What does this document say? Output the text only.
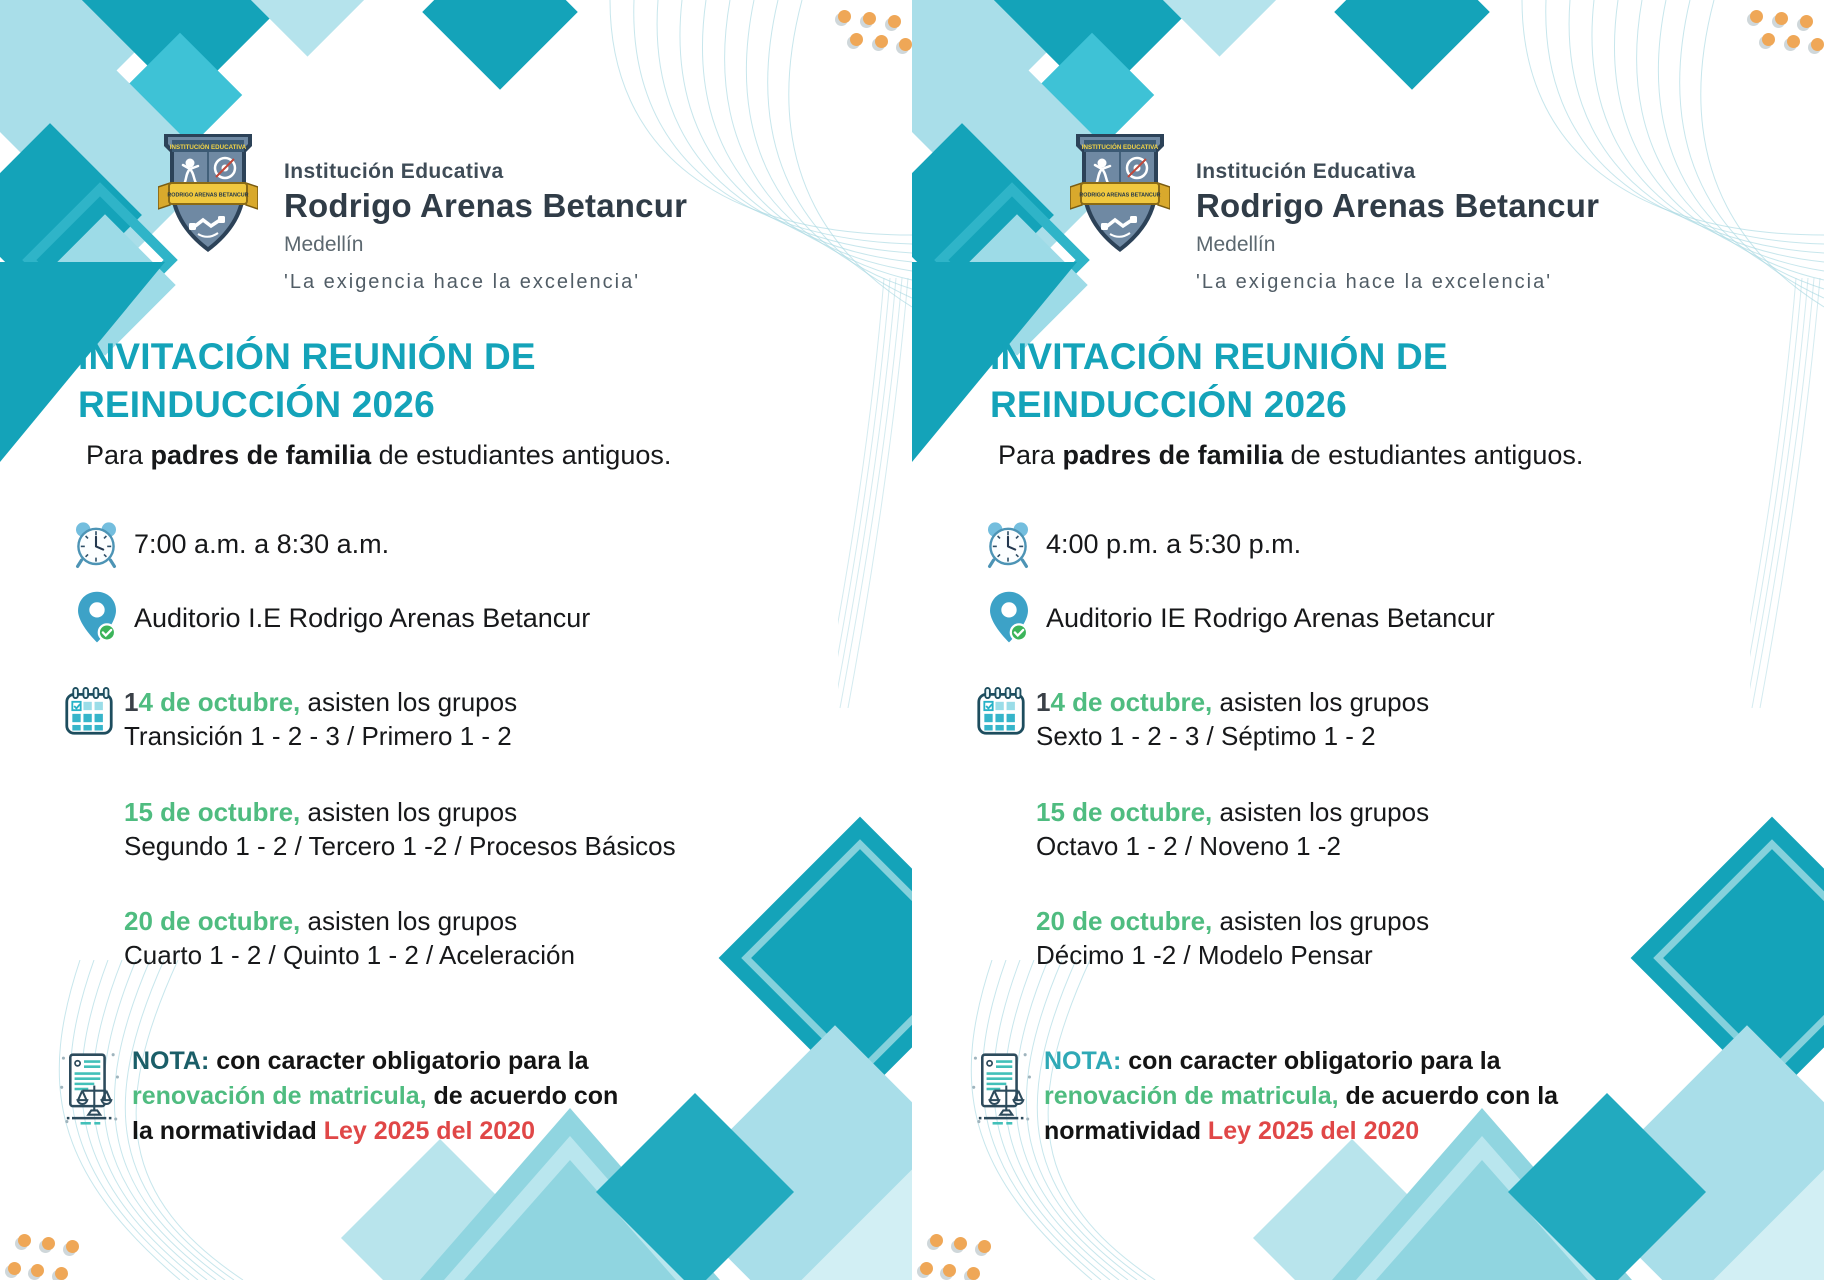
INSTITUCIÓN EDUCATIVA
RODRIGO ARENAS BETANCUR
Institución Educativa
Rodrigo Arenas Betancur
Medellín
'La exigencia hace la excelencia'
INVITACIÓN REUNIÓN DE
REINDUCCIÓN 2026
Para padres de familia de estudiantes antiguos.
7:00 a.m. a 8:30 a.m.
Auditorio I.E Rodrigo Arenas Betancur
14 de octubre, asisten los grupos
Transición 1 - 2 - 3 / Primero 1 - 2
15 de octubre, asisten los grupos
Segundo 1 - 2 / Tercero 1 -2 / Procesos Básicos
20 de octubre, asisten los grupos
Cuarto 1 - 2 / Quinto 1 - 2 / Aceleración
NOTA: con caracter obligatorio para la
renovación de matricula, de acuerdo con
la normatividad Ley 2025 del 2020
INSTITUCIÓN EDUCATIVA
RODRIGO ARENAS BETANCUR
Institución Educativa
Rodrigo Arenas Betancur
Medellín
'La exigencia hace la excelencia'
INVITACIÓN REUNIÓN DE
REINDUCCIÓN 2026
Para padres de familia de estudiantes antiguos.
4:00 p.m. a 5:30 p.m.
Auditorio IE Rodrigo Arenas Betancur
14 de octubre, asisten los grupos
Sexto 1 - 2 - 3 / Séptimo 1 - 2
15 de octubre, asisten los grupos
Octavo 1 - 2 / Noveno 1 -2
20 de octubre, asisten los grupos
Décimo 1 -2 / Modelo Pensar
NOTA: con caracter obligatorio para la
renovación de matricula, de acuerdo con la
normatividad Ley 2025 del 2020
